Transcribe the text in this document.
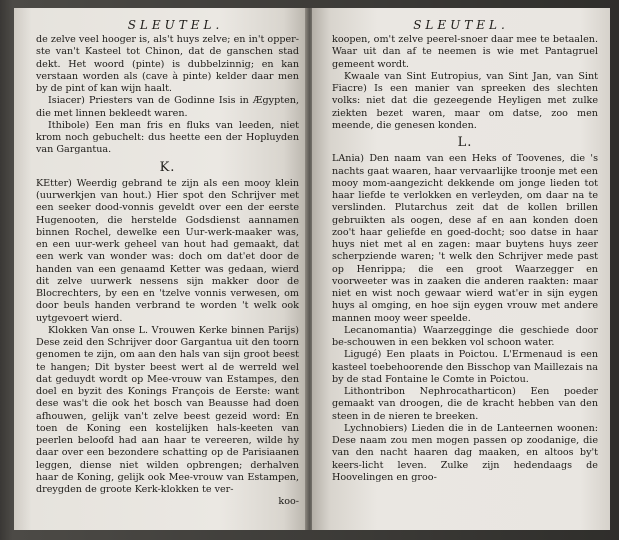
SLEUTEL.

de zelve veel hooger is, als't huys zelve; en in't opper-ste van't Kasteel tot Chinon, dat de ganschen stad dekt. Het woord (pinte) is dubbelzinnig; en kan verstaan worden als (cave à pinte) kelder daar men by de pint of kan wijn haalt.

Isiacer) Priesters van de Godinne Isis in Ægypten, die met linnen bekleedt waren.

Ithibole) Een man fris en fluks van leeden, niet krom noch gebuchelt: dus heette een der Hopluyden van Gargantua.

K.

KEtter) Weerdig gebrand te zijn als een mooy klein (uurwerkjen van hout.) Hier spot den Schrijver met een seeker dood-vonnis geveldt over een der eerste Hugenooten, die herstelde Godsdienst aannamen binnen Rochel, dewelke een Uur-werk-maaker was, en een uur-werk geheel van hout had gemaakt, dat een werk van wonder was: doch om dat'et door de handen van een genaamd Ketter was gedaan, wierd dit zelve uurwerk nessens sijn makker door de Blocrechters, by een en 'tzelve vonnis verwesen, om door beuls handen verbrand te worden 't welk ook uytgevoert wierd.

Klokken Van onse L. Vrouwen Kerke binnen Parijs) Dese zeid den Schrijver door Gargantua uit den toorn genomen te zijn, om aan den hals van sijn groot beest te hangen; Dit byster beest wert al de werreld wel dat geduydt wordt op Mee-vrouw van Estampes, den doel en byzit des Konings François de Eerste: want dese was't die ook het bosch van Beausse had doen afhouwen, gelijk van't zelve beest gezeid word: En toen de Koning een kostelijken hals-keeten van peerlen beloofd had aan haar te vereeren, wilde hy daar over een bezondere schatting op de Parisiaanen leggen, diense niet wilden opbrengen; derhalven haar de Koning, gelijk ook Mee-vrouw van Estampen, dreygden de groote Kerk-klokken te ver-

koo-
SLEUTEL.

koopen, om't zelve peerel-snoer daar mee te betaalen. Waar uit dan af te neemen is wie met Pantagruel gemeent wordt.

Kwaale van Sint Eutropius, van Sint Jan, van Sint Fiacre) Is een manier van spreeken des slechten volks: niet dat die gezeegende Heyligen met zulke ziekten bezet waren, maar om datse, zoo men meende, die genesen konden.

L.

LAnia) Den naam van een Heks of Toovenes, die 's nachts gaat waaren, haar vervaarlijke troonje met een mooy mom-aangezicht dekkende om jonge lieden tot haar liefde te verlokken en verleyden, om daar na te verslinden. Plutarchus zeit dat de kollen brillen gebruikten als oogen, dese af en aan konden doen zoo't haar geliefde en goed-docht; soo datse in haar huys niet met al en zagen: maar buytens huys zeer scherpziende waren; 't welk den Schrijver mede past op Henrippa; die een groot Waarzegger en voorweeter was in zaaken die anderen raakten: maar niet en wist noch gewaar wierd wat'er in sijn eygen huys al omging, en hoe sijn eygen vrouw met andere mannen mooy weer speelde.

Lecanomantia) Waarzegginge die geschiede door be-schouwen in een bekken vol schoon water.

Ligugé) Een plaats in Poictou. L'Ermenaud is een kasteel toebehoorende den Bisschop van Maillezais na by de stad Fontaine le Comte in Poictou.

Lithontribon Nephrocatharticon) Een poeder gemaakt van droogen, die de kracht hebben van den steen in de nieren te breeken.

Lychnobiers) Lieden die in de Lanteernen woonen: Dese naam zou men mogen passen op zoodanige, die van den nacht haaren dag maaken, en altoos by't keers-licht leven. Zulke zijn hedendaags de Hoovelingen en groo-
